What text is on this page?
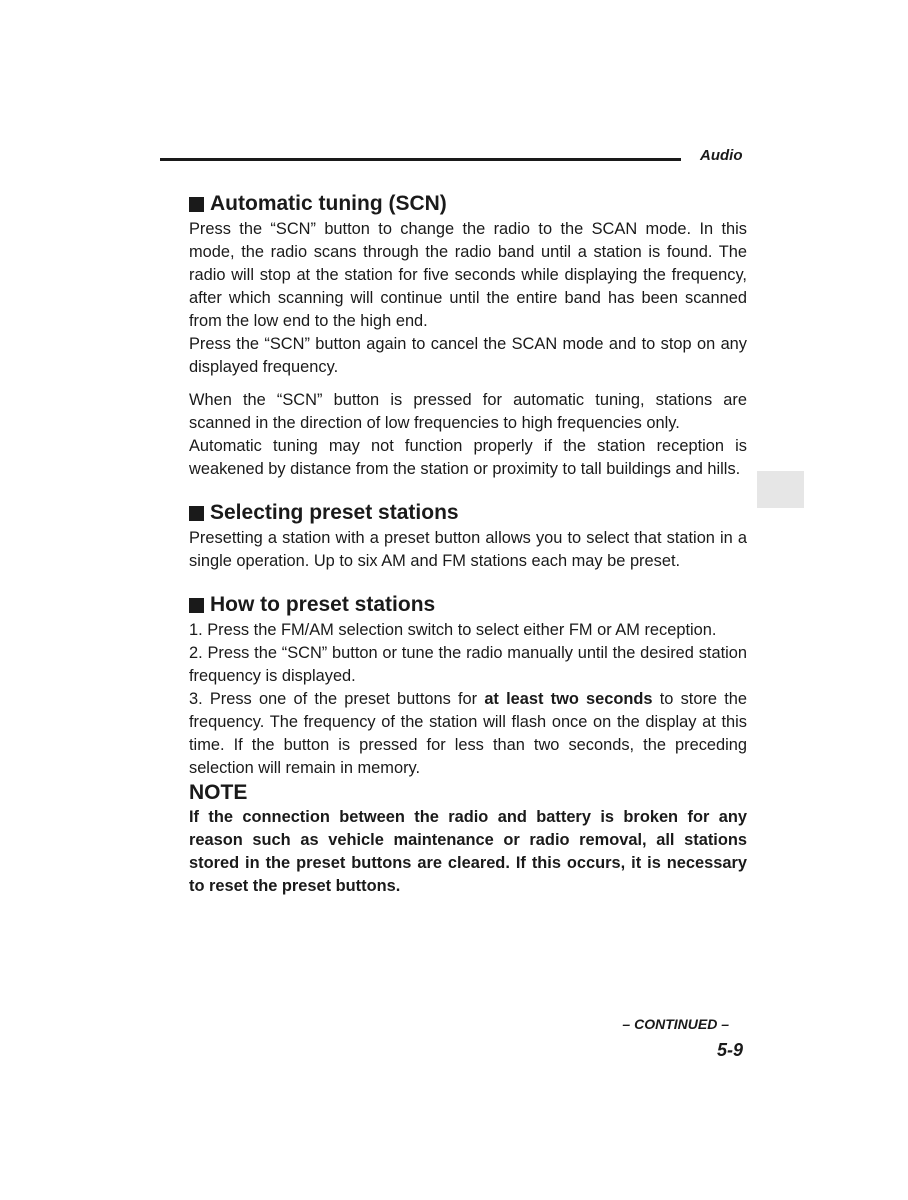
Audio
Automatic tuning (SCN)

Press the “SCN” button to change the radio to the SCAN mode. In this mode, the radio scans through the radio band until a station is found. The radio will stop at the station for five seconds while displaying the frequency, after which scanning will continue until the entire band has been scanned from the low end to the high end.

Press the “SCN” button again to cancel the SCAN mode and to stop on any displayed frequency.

When the “SCN” button is pressed for automatic tuning, stations are scanned in the direction of low frequencies to high frequencies only.

Automatic tuning may not function properly if the station reception is weakened by distance from the station or proximity to tall buildings and hills.

Selecting preset stations

Presetting a station with a preset button allows you to select that station in a single operation. Up to six AM and FM stations each may be preset.

How to preset stations

1. Press the FM/AM selection switch to select either FM or AM reception.

2. Press the “SCN” button or tune the radio manually until the desired station frequency is displayed.

3. Press one of the preset buttons for at least two seconds to store the frequency. The frequency of the station will flash once on the display at this time. If the button is pressed for less than two seconds, the preceding selection will remain in memory.

NOTE

If the connection between the radio and battery is broken for any reason such as vehicle maintenance or radio removal, all stations stored in the preset buttons are cleared. If this occurs, it is necessary to reset the preset buttons.

– CONTINUED –
5-9
